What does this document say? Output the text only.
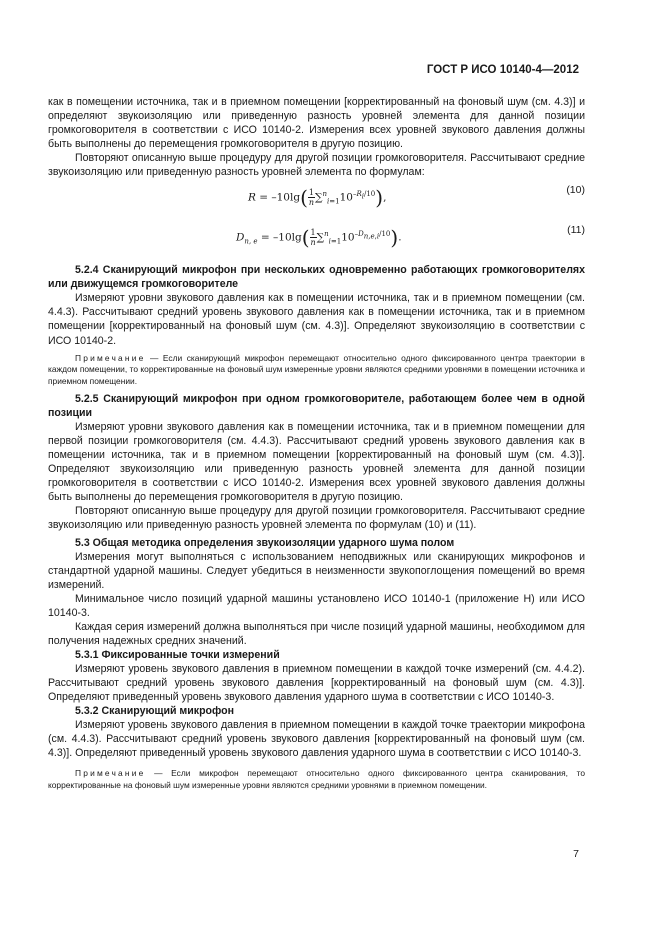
ГОСТ Р ИСО 10140-4—2012

как в помещении источника, так и в приемном помещении [корректированный на фоновый шум (см. 4.3)] и определяют звукоизоляцию или приведенную разность уровней элемента для данной позиции громкоговорителя в соответствии с ИСО 10140-2. Измерения всех уровней звукового давления должны быть выполнены до перемещения громкоговорителя в другую позицию.

Повторяют описанную выше процедуру для другой позиции громкоговорителя. Рассчитывают средние звукоизоляцию или приведенную разность уровней элемента по формулам:

$R = -10\lg( \frac{1}{n} \sum^n_{i=1}10^{-R_i/10})$,
(10)
$D_{n, e} = -10\lg( \frac{1}{n} \sum^n_{i=1}10^{-D_{n,e,i}/10})$.
(11)

5.2.4 Сканирующий микрофон при нескольких одновременно работающих громкоговорителях или движущемся громкоговорителе

Измеряют уровни звукового давления как в помещении источника, так и в приемном помещении (см. 4.4.3). Рассчитывают средний уровень звукового давления как в помещении источника, так и в приемном помещении [корректированный на фоновый шум (см. 4.3)]. Определяют звукоизоляцию в соответствии с ИСО 10140-2.

Примечание — Если сканирующий микрофон перемещают относительно одного фиксированного центра траектории в каждом помещении, то корректированные на фоновый шум измеренные уровни являются средними уровнями в помещении источника и приемном помещении.

5.2.5 Сканирующий микрофон при одном громкоговорителе, работающем более чем в одной позиции

Измеряют уровни звукового давления как в помещении источника, так и в приемном помещении для первой позиции громкоговорителя (см. 4.4.3). Рассчитывают средний уровень звукового давления как в помещении источника, так и в приемном помещении [корректированный на фоновый шум (см. 4.3)]. Определяют звукоизоляцию или приведенную разность уровней элемента для данной позиции громкоговорителя в соответствии с ИСО 10140-2. Измерения всех уровней звукового давления должны быть выполнены до перемещения громкоговорителя в другую позицию.

Повторяют описанную выше процедуру для другой позиции громкоговорителя. Рассчитывают средние звукоизоляцию или приведенную разность уровней элемента по формулам (10) и (11).

5.3 Общая методика определения звукоизоляции ударного шума полом

Измерения могут выполняться с использованием неподвижных или сканирующих микрофонов и стандартной ударной машины. Следует убедиться в неизменности звукопоглощения помещений во время измерений.

Минимальное число позиций ударной машины установлено ИСО 10140-1 (приложение Н) или ИСО 10140-3.

Каждая серия измерений должна выполняться при числе позиций ударной машины, необходимом для получения надежных средних значений.

5.3.1 Фиксированные точки измерений

Измеряют уровень звукового давления в приемном помещении в каждой точке измерений (см. 4.4.2). Рассчитывают средний уровень звукового давления [корректированный на фоновый шум (см. 4.3)]. Определяют приведенный уровень звукового давления ударного шума в соответствии с ИСО 10140-3.

5.3.2 Сканирующий микрофон

Измеряют уровень звукового давления в приемном помещении в каждой точке траектории микрофона (см. 4.4.3). Рассчитывают средний уровень звукового давления [корректированный на фоновый шум (см. 4.3)]. Определяют приведенный уровень звукового давления ударного шума в соответствии с ИСО 10140-3.

Примечание — Если микрофон перемещают относительно одного фиксированного центра сканирования, то корректированные на фоновый шум измеренные уровни являются средними уровнями в приемном помещении.

7
